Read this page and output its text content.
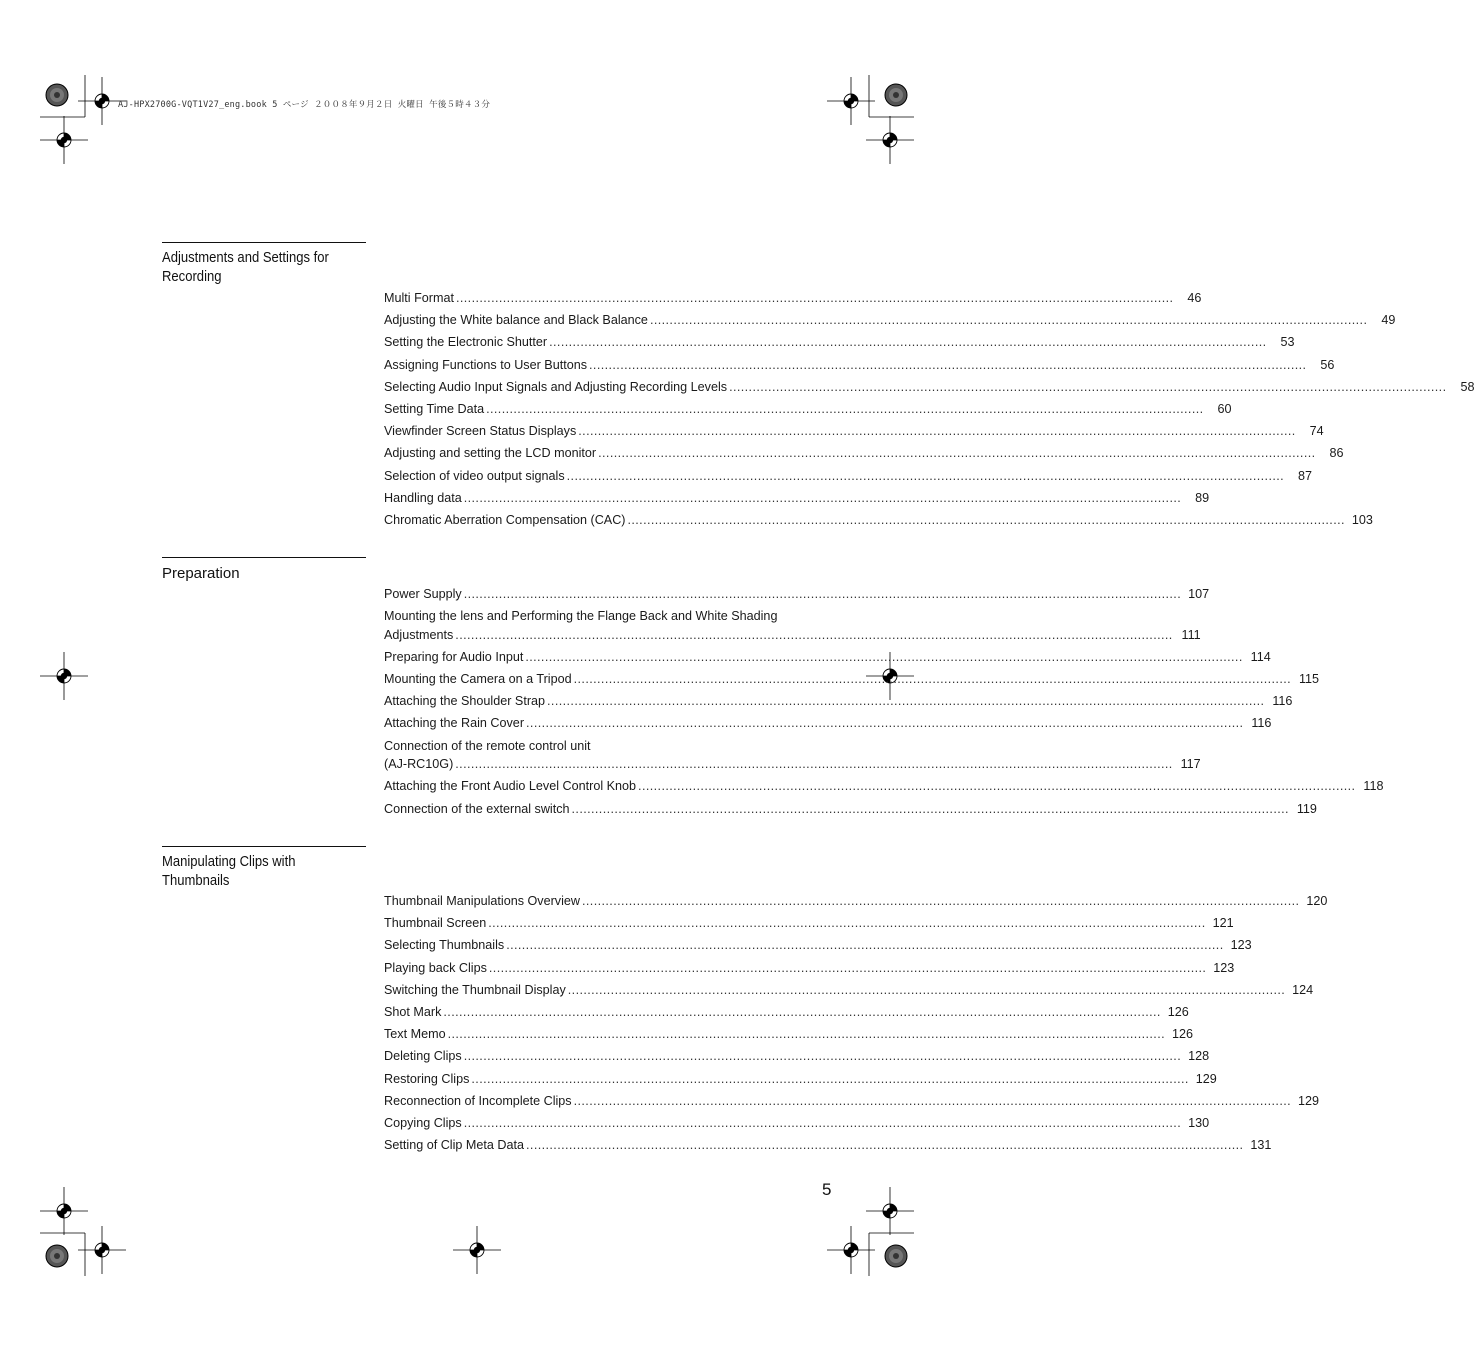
AJ-HPX2700G-VQT1V27_eng.book 5 ページ ２００８年９月２日 火曜日 午後５時４３分
Adjustments and Settings for Recording
Multi Format .....	46
Adjusting the White balance and Black Balance .....	49
Setting the Electronic Shutter .....	53
Assigning Functions to User Buttons .....	56
Selecting Audio Input Signals and Adjusting Recording Levels .....	58
Setting Time Data .....	60
Viewfinder Screen Status Displays .....	74
Adjusting and setting the LCD monitor .....	86
Selection of video output signals .....	87
Handling data .....	89
Chromatic Aberration Compensation (CAC) .....	103
Preparation
Power Supply .....	107
Mounting the lens and Performing the Flange Back and White Shading
Adjustments .....	111
Preparing for Audio Input .....	114
Mounting the Camera on a Tripod .....	115
Attaching the Shoulder Strap .....	116
Attaching the Rain Cover .....	116
Connection of the remote control unit
(AJ-RC10G) .....	117
Attaching the Front Audio Level Control Knob .....	118
Connection of the external switch .....	119
Manipulating Clips with Thumbnails
Thumbnail Manipulations Overview .....	120
Thumbnail Screen .....	121
Selecting Thumbnails .....	123
Playing back Clips .....	123
Switching the Thumbnail Display .....	124
Shot Mark .....	126
Text Memo .....	126
Deleting Clips .....	128
Restoring Clips .....	129
Reconnection of Incomplete Clips .....	129
Copying Clips .....	130
Setting of Clip Meta Data .....	131
5
